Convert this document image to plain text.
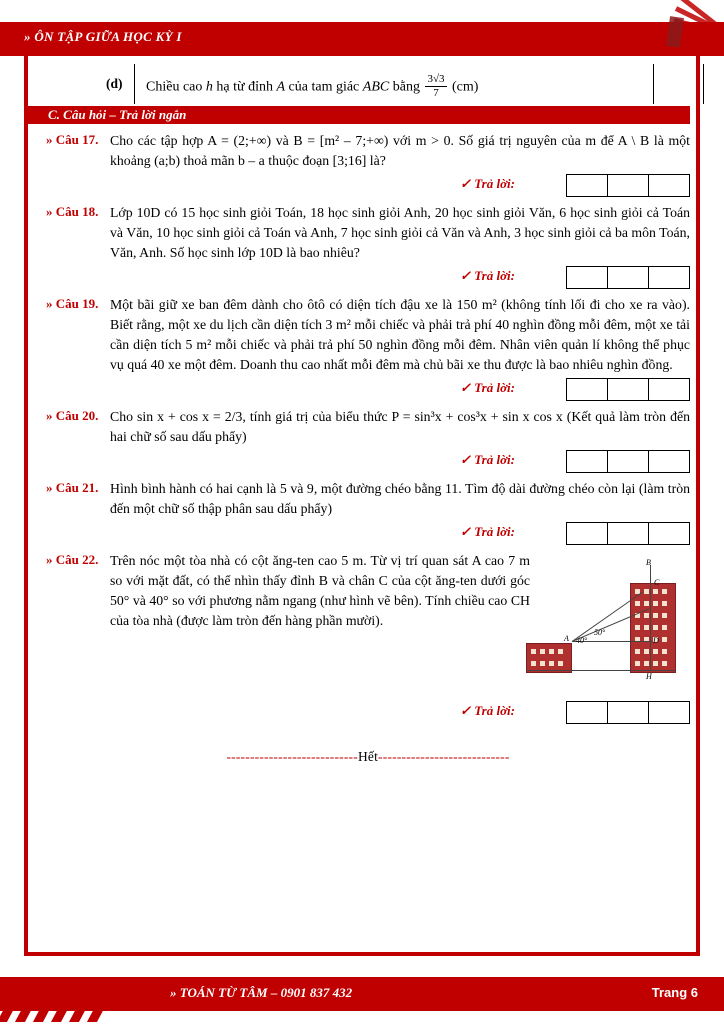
» ÔN TẬP GIỮA HỌC KỲ I
(d) Chiều cao h hạ từ đỉnh A của tam giác ABC bằng $\frac{3√3}{7} (cm)$
C. Câu hỏi – Trả lời ngắn
» Câu 17. Cho các tập hợp A = (2;+∞) và B = [m² – 7;+∞) với m > 0. Số giá trị nguyên của m để A \ B là một khoảng (a;b) thoả mãn b – a thuộc đoạn [3;16] là?
✓ Trả lời:
» Câu 18. Lớp 10D có 15 học sinh giỏi Toán, 18 học sinh giỏi Anh, 20 học sinh giỏi Văn, 6 học sinh giỏi cả Toán và Văn, 10 học sinh giỏi cả Toán và Anh, 7 học sinh giỏi cả Văn và Anh, 3 học sinh giỏi cả ba môn Toán, Văn, Anh. Số học sinh lớp 10D là bao nhiêu?
✓ Trả lời:
» Câu 19. Một bãi giữ xe ban đêm dành cho ôtô có diện tích đậu xe là 150 m² (không tính lối đi cho xe ra vào). Biết rằng, một xe du lịch cần diện tích 3 m² mỗi chiếc và phải trả phí 40 nghìn đồng mỗi đêm, một xe tải cần diện tích 5 m² mỗi chiếc và phải trả phí 50 nghìn đồng mỗi đêm. Nhân viên quản lí không thể phục vụ quá 40 xe một đêm. Doanh thu cao nhất mỗi đêm mà chủ bãi xe thu được là bao nhiêu nghìn đồng.
✓ Trả lời:
» Câu 20. Cho sin x + cos x = 2/3, tính giá trị của biểu thức P = sin³x + cos³x + sin x cos x (Kết quả làm tròn đến hai chữ số sau dấu phẩy)
✓ Trả lời:
» Câu 21. Hình bình hành có hai cạnh là 5 và 9, một đường chéo bằng 11. Tìm độ dài đường chéo còn lại (làm tròn đến một chữ số thập phân sau dấu phẩy)
✓ Trả lời:
» Câu 22. Trên nóc một tòa nhà có cột ăng-ten cao 5 m. Từ vị trí quan sát A cao 7 m so với mặt đất, có thể nhìn thấy đỉnh B và chân C của cột ăng-ten dưới góc 50° và 40° so với phương nằm ngang (như hình vẽ bên). Tính chiều cao CH của tòa nhà (được làm tròn đến hàng phần mười).
B
C
A	D
H
40°
50°
✓ Trả lời:
----------------------------Hết----------------------------
» TOÁN TỪ TÂM – 0901 837 432	Trang 6
